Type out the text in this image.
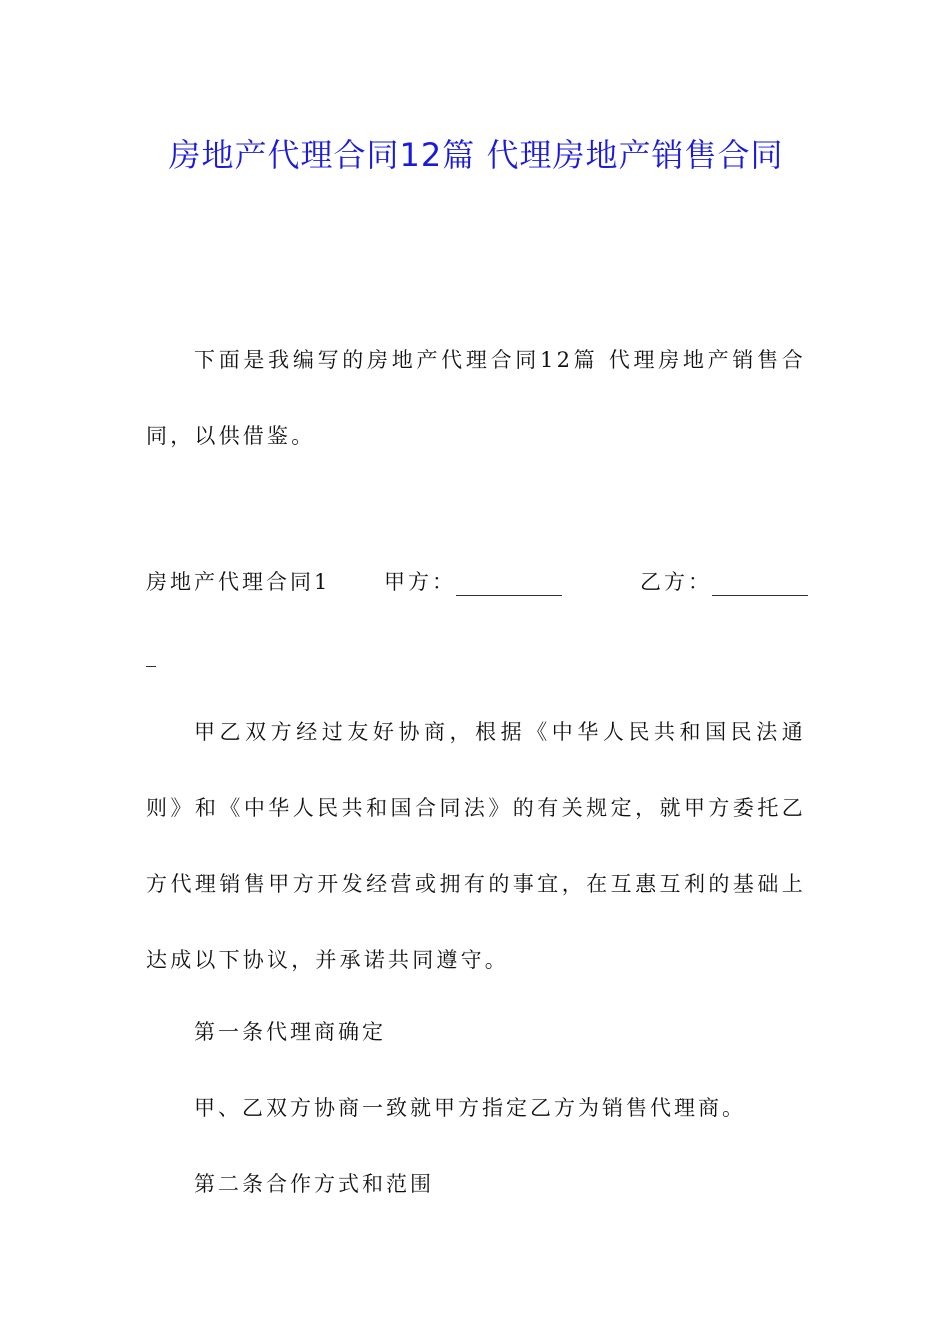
房地产代理合同12篇 代理房地产销售合同

下面是我编写的房地产代理合同12篇 代理房地产销售合同，以供借鉴。

房地产代理合同1	甲方：	乙方：

甲乙双方经过友好协商，根据《中华人民共和国民法通则》和《中华人民共和国合同法》的有关规定，就甲方委托乙方代理销售甲方开发经营或拥有的事宜，在互惠互利的基础上达成以下协议，并承诺共同遵守。

第一条代理商确定

甲、乙双方协商一致就甲方指定乙方为销售代理商。

第二条合作方式和范围
